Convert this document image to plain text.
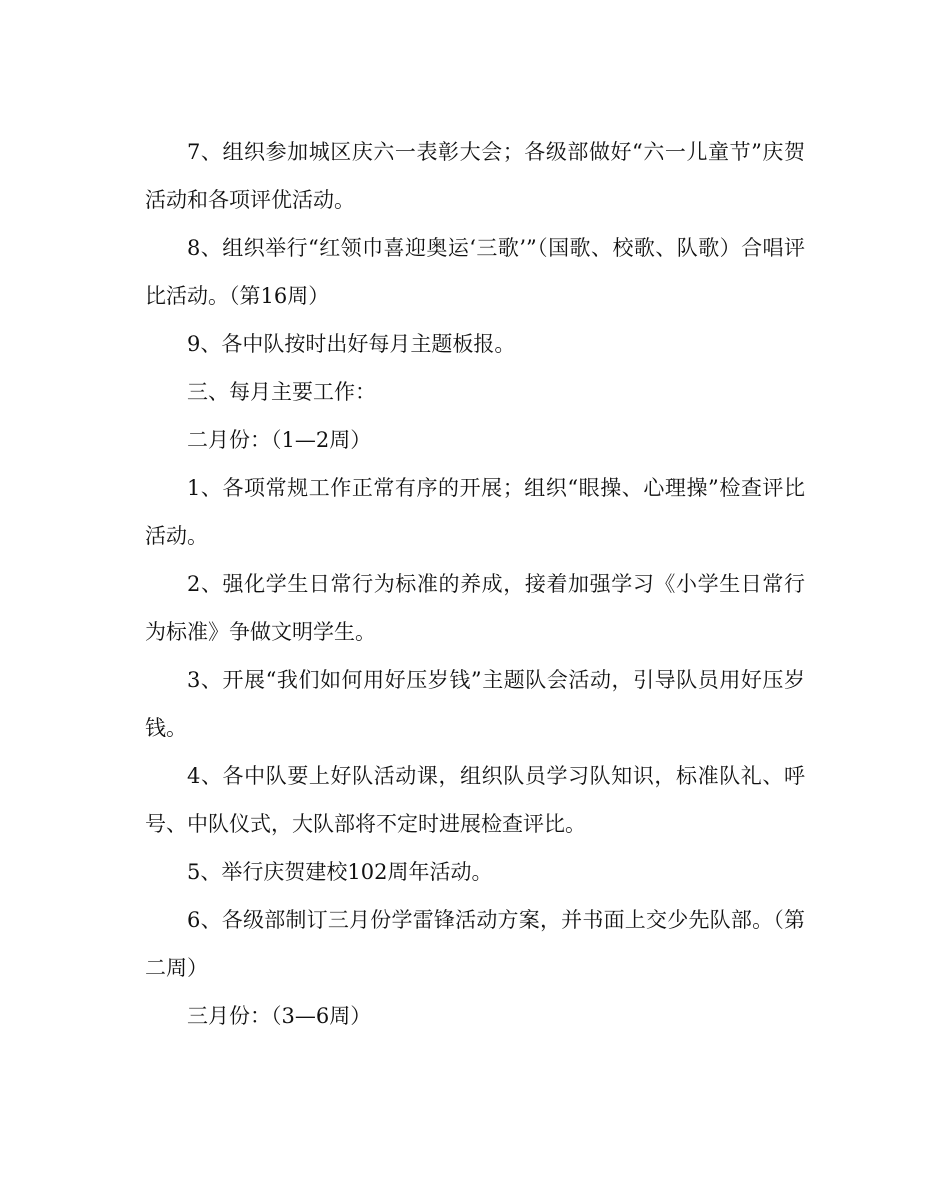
7、组织参加城区庆六一表彰大会；各级部做好“六一儿童节”庆贺活动和各项评优活动。

8、组织举行“红领巾喜迎奥运‘三歌’”（国歌、校歌、队歌）合唱评比活动。（第16周）

9、各中队按时出好每月主题板报。

三、每月主要工作：

二月份：（1—2周）

1、各项常规工作正常有序的开展；组织“眼操、心理操”检查评比活动。

2、强化学生日常行为标准的养成，接着加强学习《小学生日常行为标准》争做文明学生。

3、开展“我们如何用好压岁钱”主题队会活动，引导队员用好压岁钱。

4、各中队要上好队活动课，组织队员学习队知识，标准队礼、呼号、中队仪式，大队部将不定时进展检查评比。

5、举行庆贺建校102周年活动。

6、各级部制订三月份学雷锋活动方案，并书面上交少先队部。（第二周）

三月份：（3—6周）
